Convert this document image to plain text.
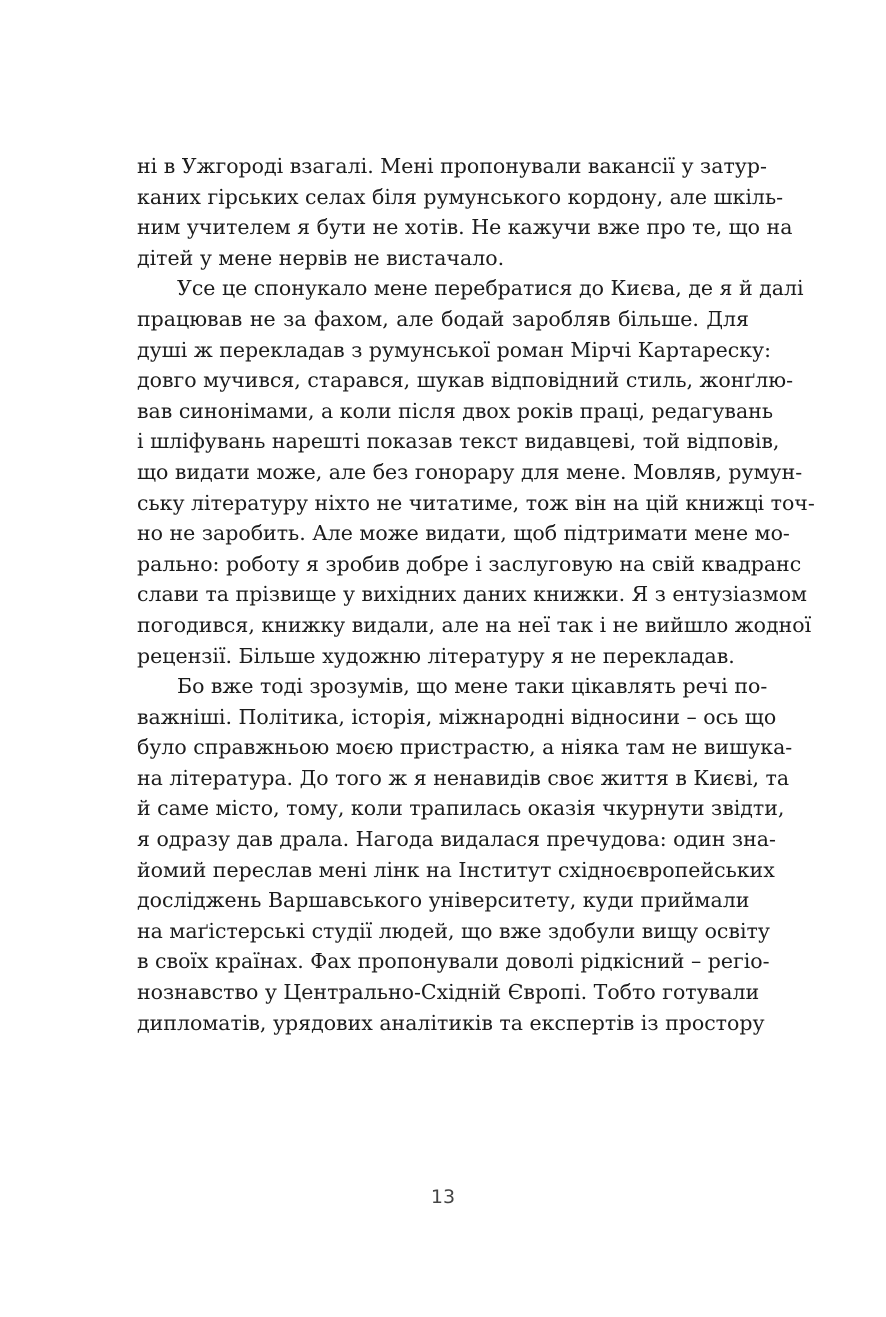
ні в Ужгороді взагалі. Мені пропонували вакансії у затур-
каних гірських селах біля румунського кордону, але шкіль-
ним учителем я бути не хотів. Не кажучи вже про те, що на
дітей у мене нервів не вистачало.
Усе це спонукало мене перебратися до Києва, де я й далі
працював не за фахом, але бодай заробляв більше. Для
душі ж перекладав з румунської роман Мірчі Картареску:
довго мучився, старався, шукав відповідний стиль, жонґлю-
вав синонімами, а коли після двох років праці, редагувань
і шліфувань нарешті показав текст видавцеві, той відповів,
що видати може, але без гонорару для мене. Мовляв, румун-
ську літературу ніхто не читатиме, тож він на цій книжці точ-
но не заробить. Але може видати, щоб підтримати мене мо-
рально: роботу я зробив добре і заслуговую на свій квадранс
слави та прізвище у вихідних даних книжки. Я з ентузіазмом
погодився, книжку видали, але на неї так і не вийшло жодної
рецензії. Більше художню літературу я не перекладав.
Бо вже тоді зрозумів, що мене таки цікавлять речі по-
важніші. Політика, історія, міжнародні відносини – ось що
було справжньою моєю пристрастю, а ніяка там не вишука-
на література. До того ж я ненавидів своє життя в Києві, та
й саме місто, тому, коли трапилась оказія чкурнути звідти,
я одразу дав драла. Нагода видалася пречудова: один зна-
йомий переслав мені лінк на Інститут східноєвропейських
досліджень Варшавського університету, куди приймали
на маґістерські студії людей, що вже здобули вищу освіту
в своїх країнах. Фах пропонували доволі рідкісний – регіо-
нознавство у Центрально-Східній Європі. Тобто готували
дипломатів, урядових аналітиків та експертів із простору
13
